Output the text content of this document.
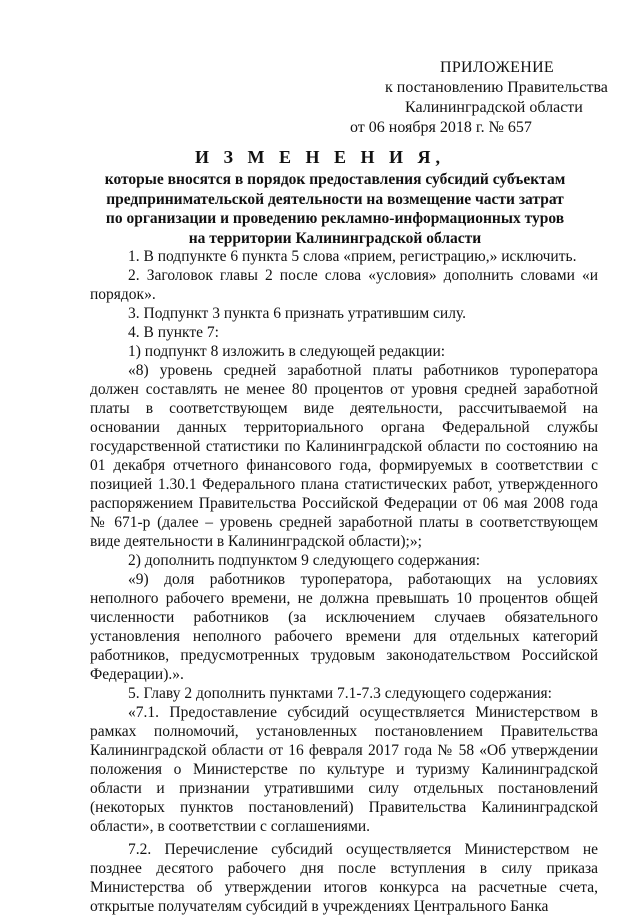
ПРИЛОЖЕНИЕ
к постановлению Правительства
Калининградской области
от 06 ноября 2018 г. № 657
И З М Е Н Е Н И Я,
которые вносятся в порядок предоставления субсидий субъектам предпринимательской деятельности на возмещение части затрат по организации и проведению рекламно-информационных туров на территории Калининградской области

1. В подпункте 6 пункта 5 слова «прием, регистрацию,» исключить.

2. Заголовок главы 2 после слова «условия» дополнить словами «и порядок».

3. Подпункт 3 пункта 6 признать утратившим силу.

4. В пункте 7:

1) подпункт 8 изложить в следующей редакции:

«8) уровень средней заработной платы работников туроператора должен составлять не менее 80 процентов от уровня средней заработной платы в соответствующем виде деятельности, рассчитываемой на основании данных территориального органа Федеральной службы государственной статистики по Калининградской области по состоянию на 01 декабря отчетного финансового года, формируемых в соответствии с позицией 1.30.1 Федерального плана статистических работ, утвержденного распоряжением Правительства Российской Федерации от 06 мая 2008 года № 671-р (далее – уровень средней заработной платы в соответствующем виде деятельности в Калининградской области);»;

2) дополнить подпунктом 9 следующего содержания:

«9) доля работников туроператора, работающих на условиях неполного рабочего времени, не должна превышать 10 процентов общей численности работников (за исключением случаев обязательного установления неполного рабочего времени для отдельных категорий работников, предусмотренных трудовым законодательством Российской Федерации).».

5. Главу 2 дополнить пунктами 7.1-7.3 следующего содержания:

«7.1. Предоставление субсидий осуществляется Министерством в рамках полномочий, установленных постановлением Правительства Калининградской области от 16 февраля 2017 года № 58 «Об утверждении положения о Министерстве по культуре и туризму Калининградской области и признании утратившими силу отдельных постановлений (некоторых пунктов постановлений) Правительства Калининградской области», в соответствии с соглашениями.

7.2. Перечисление субсидий осуществляется Министерством не позднее десятого рабочего дня после вступления в силу приказа Министерства об утверждении итогов конкурса на расчетные счета, открытые получателям субсидий в учреждениях Центрального Банка
